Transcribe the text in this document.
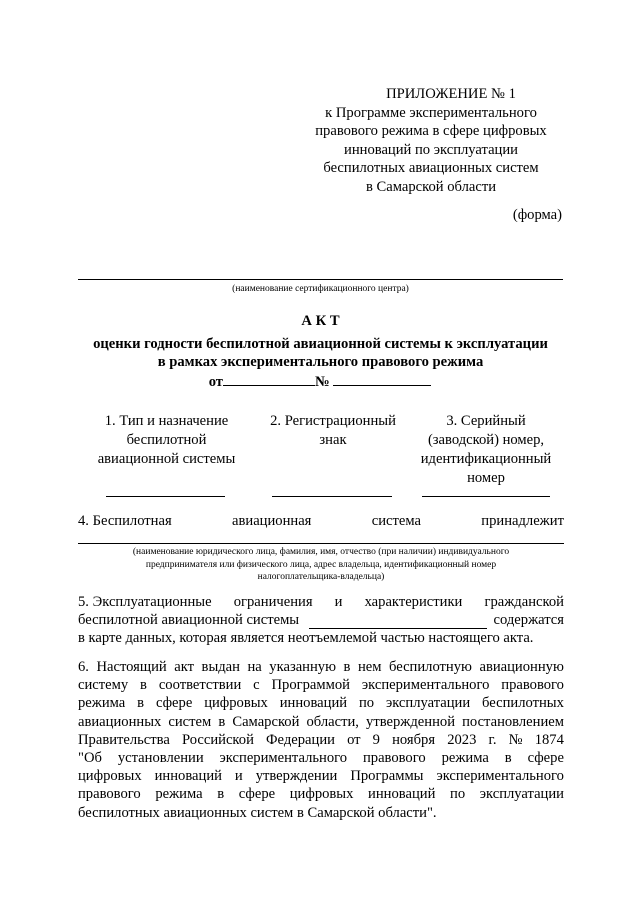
ПРИЛОЖЕНИЕ № 1
к Программе экспериментального
правового режима в сфере цифровых
инноваций по эксплуатации
беспилотных авиационных систем
в Самарской области
(форма)
(наименование сертификационного центра)
А К Т
оценки годности беспилотной авиационной системы к эксплуатации
в рамках экспериментального правового режима
от	№
1. Тип и назначение
беспилотной
авиационной системы
2. Регистрационный
знак
3. Серийный
(заводской) номер,
идентификационный
номер
4. Беспилотная	авиационная	система	принадлежит
(наименование юридического лица, фамилия, имя, отчество (при наличии) индивидуального
предпринимателя или физического лица, адрес владельца, идентификационный номер
налогоплательщика-владельца)
5. Эксплуатационные ограничения и характеристики гражданской
беспилотной авиационной системы	содержатся
в карте данных, которая является неотъемлемой частью настоящего акта.
6. Настоящий акт выдан на указанную в нем беспилотную авиационную
систему в соответствии с Программой экспериментального правового
режима в сфере цифровых инноваций по эксплуатации беспилотных
авиационных систем в Самарской области, утвержденной постановлением
Правительства Российской Федерации от 9 ноября 2023 г. № 1874
"Об установлении экспериментального правового режима в сфере
цифровых инноваций и утверждении Программы экспериментального
правового режима в сфере цифровых инноваций по эксплуатации
беспилотных авиационных систем в Самарской области".
